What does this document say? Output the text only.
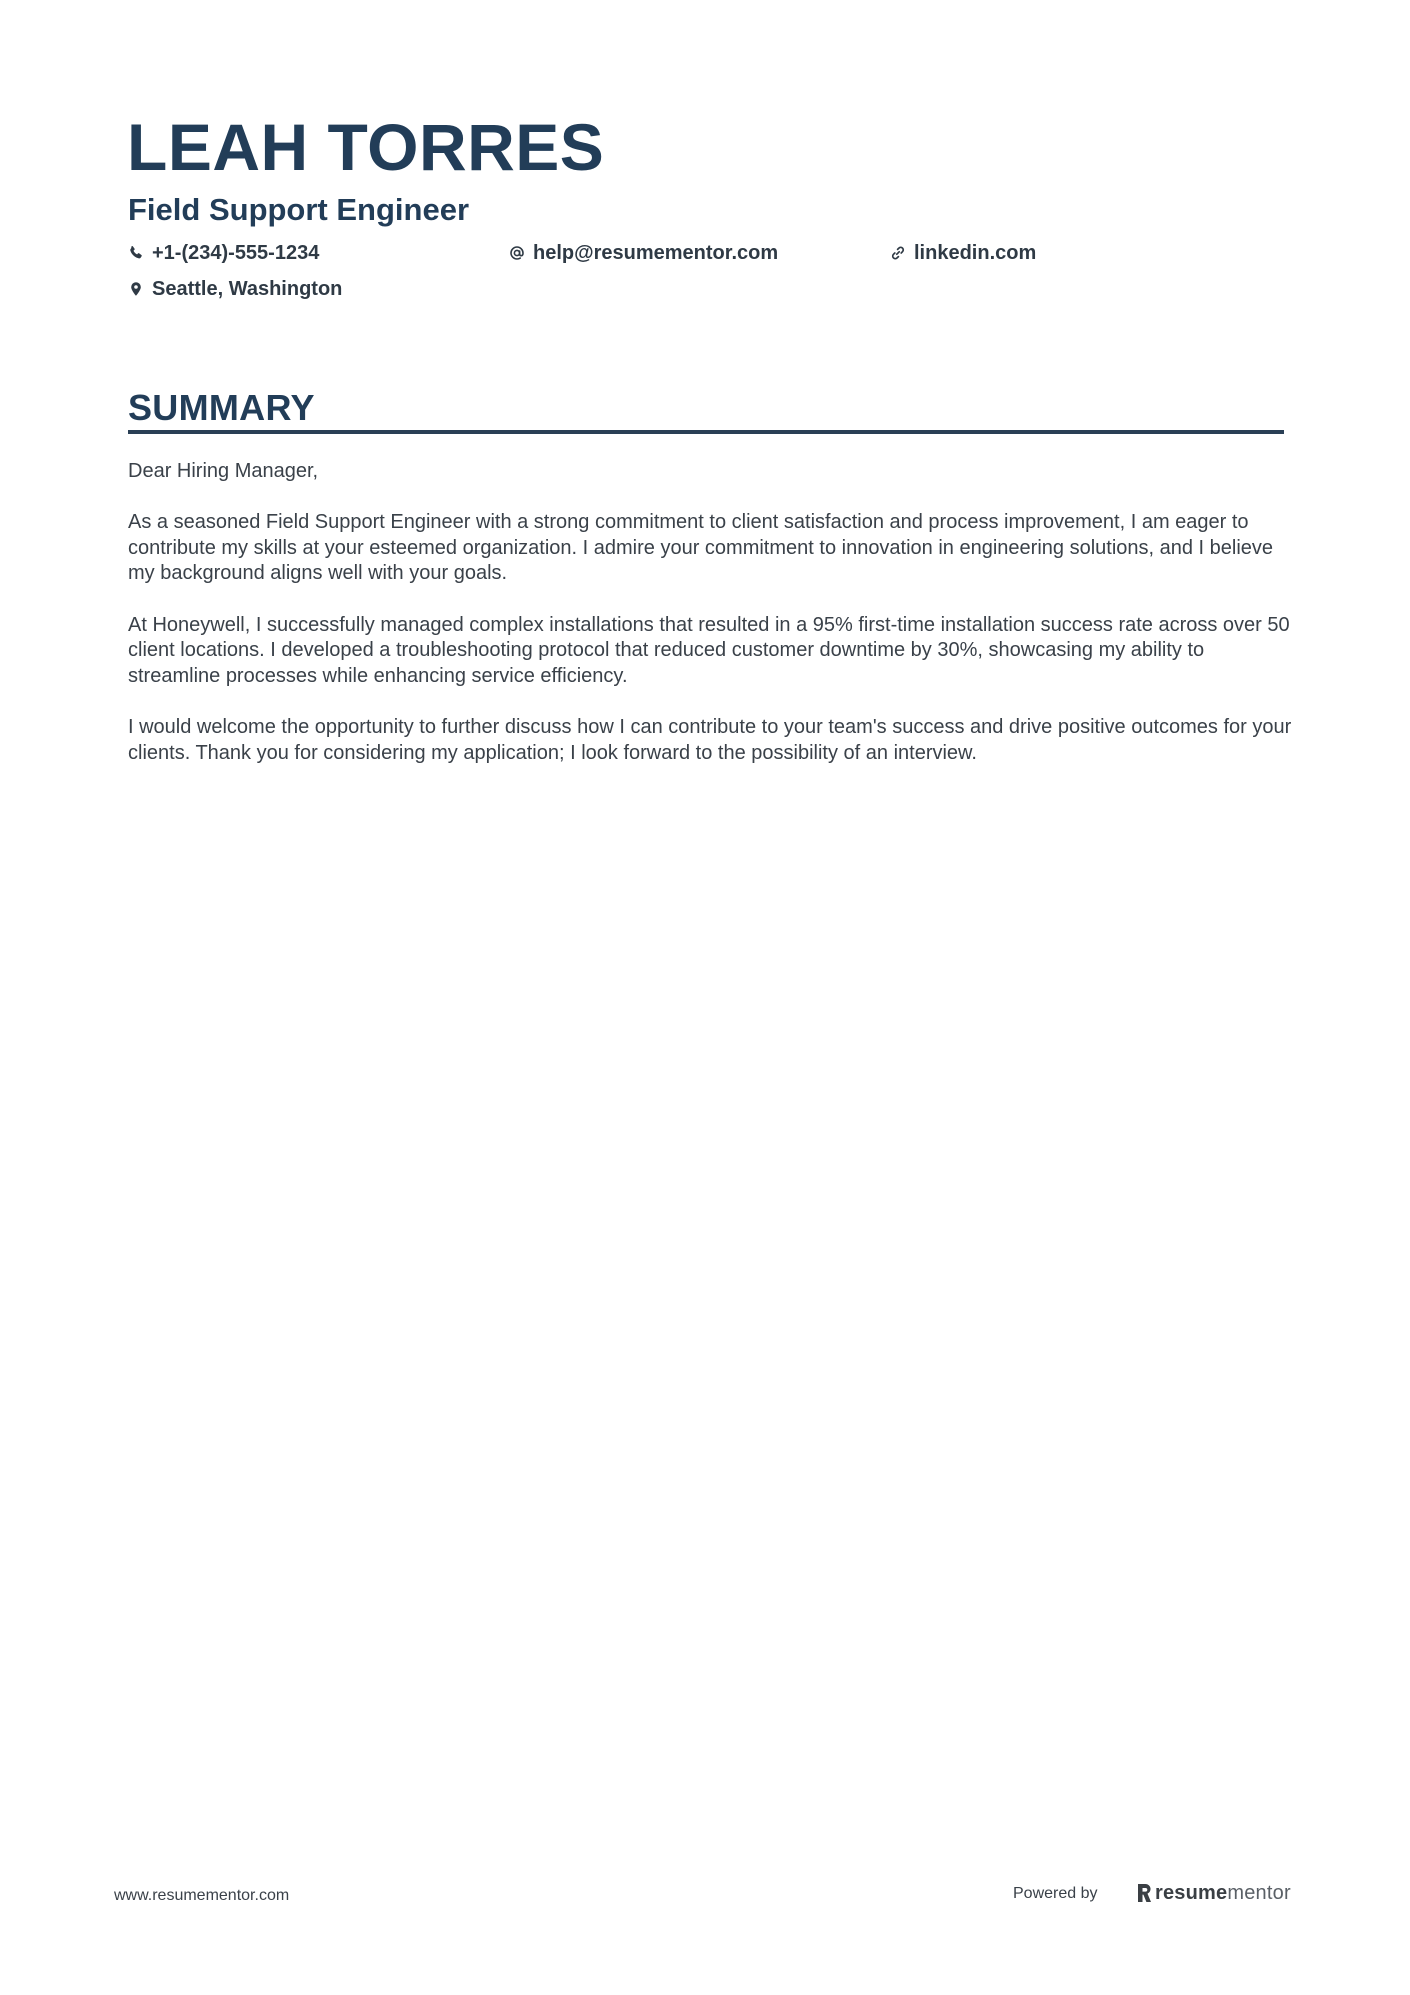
LEAH TORRES
Field Support Engineer
+1-(234)-555-1234	help@resumementor.com	linkedin.com
Seattle, Washington
SUMMARY

Dear Hiring Manager,

As a seasoned Field Support Engineer with a strong commitment to client satisfaction and process improvement, I am eager to contribute my skills at your esteemed organization. I admire your commitment to innovation in engineering solutions, and I believe my background aligns well with your goals.

At Honeywell, I successfully managed complex installations that resulted in a 95% first-time installation success rate across over 50 client locations. I developed a troubleshooting protocol that reduced customer downtime by 30%, showcasing my ability to streamline processes while enhancing service efficiency.

I would welcome the opportunity to further discuss how I can contribute to your team's success and drive positive outcomes for your clients. Thank you for considering my application; I look forward to the possibility of an interview.

www.resumementor.com	Powered by	resumementor
